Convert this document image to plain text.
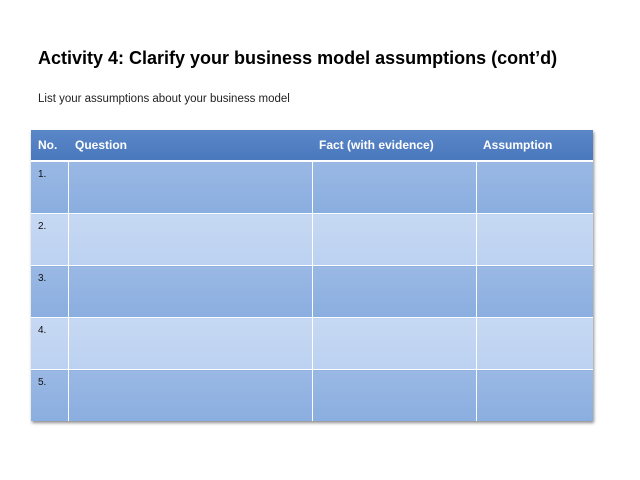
Activity 4: Clarify your business model assumptions (cont’d)
List your assumptions about your business model
No.	Question	Fact (with evidence)	Assumption
1.			
2.			
3.			
4.			
5.			
